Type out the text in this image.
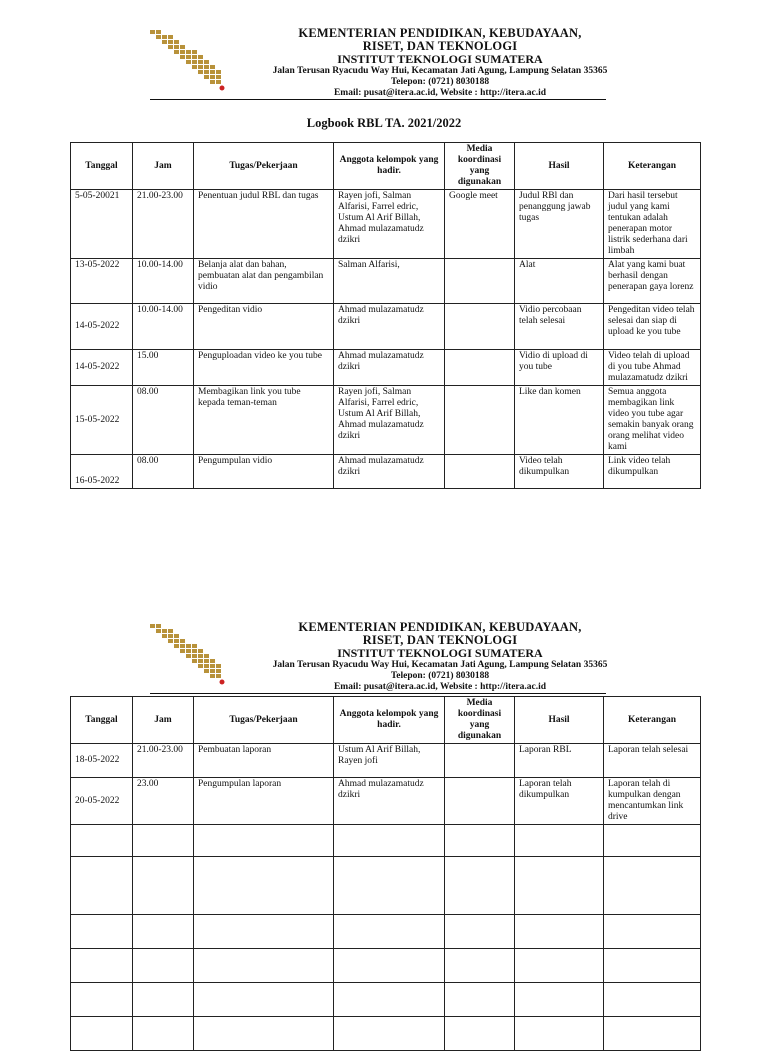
KEMENTERIAN PENDIDIKAN, KEBUDAYAAN,
RISET, DAN TEKNOLOGI
INSTITUT TEKNOLOGI SUMATERA
Jalan Terusan Ryacudu Way Hui, Kecamatan Jati Agung, Lampung Selatan 35365
Telepon: (0721) 8030188
Email: pusat@itera.ac.id, Website : http://itera.ac.id
Logbook RBL TA. 2021/2022
Tanggal	Jam	Tugas/Pekerjaan	Anggota kelompok yang hadir.	Media koordinasi yang digunakan	Hasil	Keterangan
5-05-20021	21.00-23.00	Penentuan judul RBL dan tugas	Rayen jofi, Salman Alfarisi, Farrel edric, Ustum Al Arif Billah, Ahmad mulazamatudz dzikri	Google meet	Judul RBl dan penanggung jawab tugas	Dari hasil tersebut judul yang kami tentukan adalah penerapan motor listrik sederhana dari limbah
13-05-2022	10.00-14.00	Belanja alat dan bahan, pembuatan alat dan pengambilan vidio	Salman Alfarisi,		Alat	Alat yang kami buat berhasil dengan penerapan gaya lorenz
14-05-2022	10.00-14.00	Pengeditan vidio	Ahmad mulazamatudz dzikri		Vidio percobaan telah selesai	Pengeditan video telah selesai dan siap di upload ke you tube
14-05-2022	15.00	Penguploadan video ke you tube	Ahmad mulazamatudz dzikri		Vidio di upload di you tube	Video telah di upload di you tube Ahmad mulazamatudz dzikri
15-05-2022	08.00	Membagikan link you tube kepada teman-teman	Rayen jofi, Salman Alfarisi, Farrel edric, Ustum Al Arif Billah, Ahmad mulazamatudz dzikri		Like dan komen	Semua anggota membagikan link video you tube agar semakin banyak orang orang melihat video kami
16-05-2022	08.00	Pengumpulan vidio	Ahmad mulazamatudz dzikri		Video telah dikumpulkan	Link video telah dikumpulkan
KEMENTERIAN PENDIDIKAN, KEBUDAYAAN,
RISET, DAN TEKNOLOGI
INSTITUT TEKNOLOGI SUMATERA
Jalan Terusan Ryacudu Way Hui, Kecamatan Jati Agung, Lampung Selatan 35365
Telepon: (0721) 8030188
Email: pusat@itera.ac.id, Website : http://itera.ac.id
Tanggal	Jam	Tugas/Pekerjaan	Anggota kelompok yang hadir.	Media koordinasi yang digunakan	Hasil	Keterangan
18-05-2022	21.00-23.00	Pembuatan laporan	Ustum Al Arif Billah, Rayen jofi		Laporan RBL	Laporan telah selesai
20-05-2022	23.00	Pengumpulan laporan	Ahmad mulazamatudz dzikri		Laporan telah dikumpulkan	Laporan telah di kumpulkan dengan mencantumkan link drive
